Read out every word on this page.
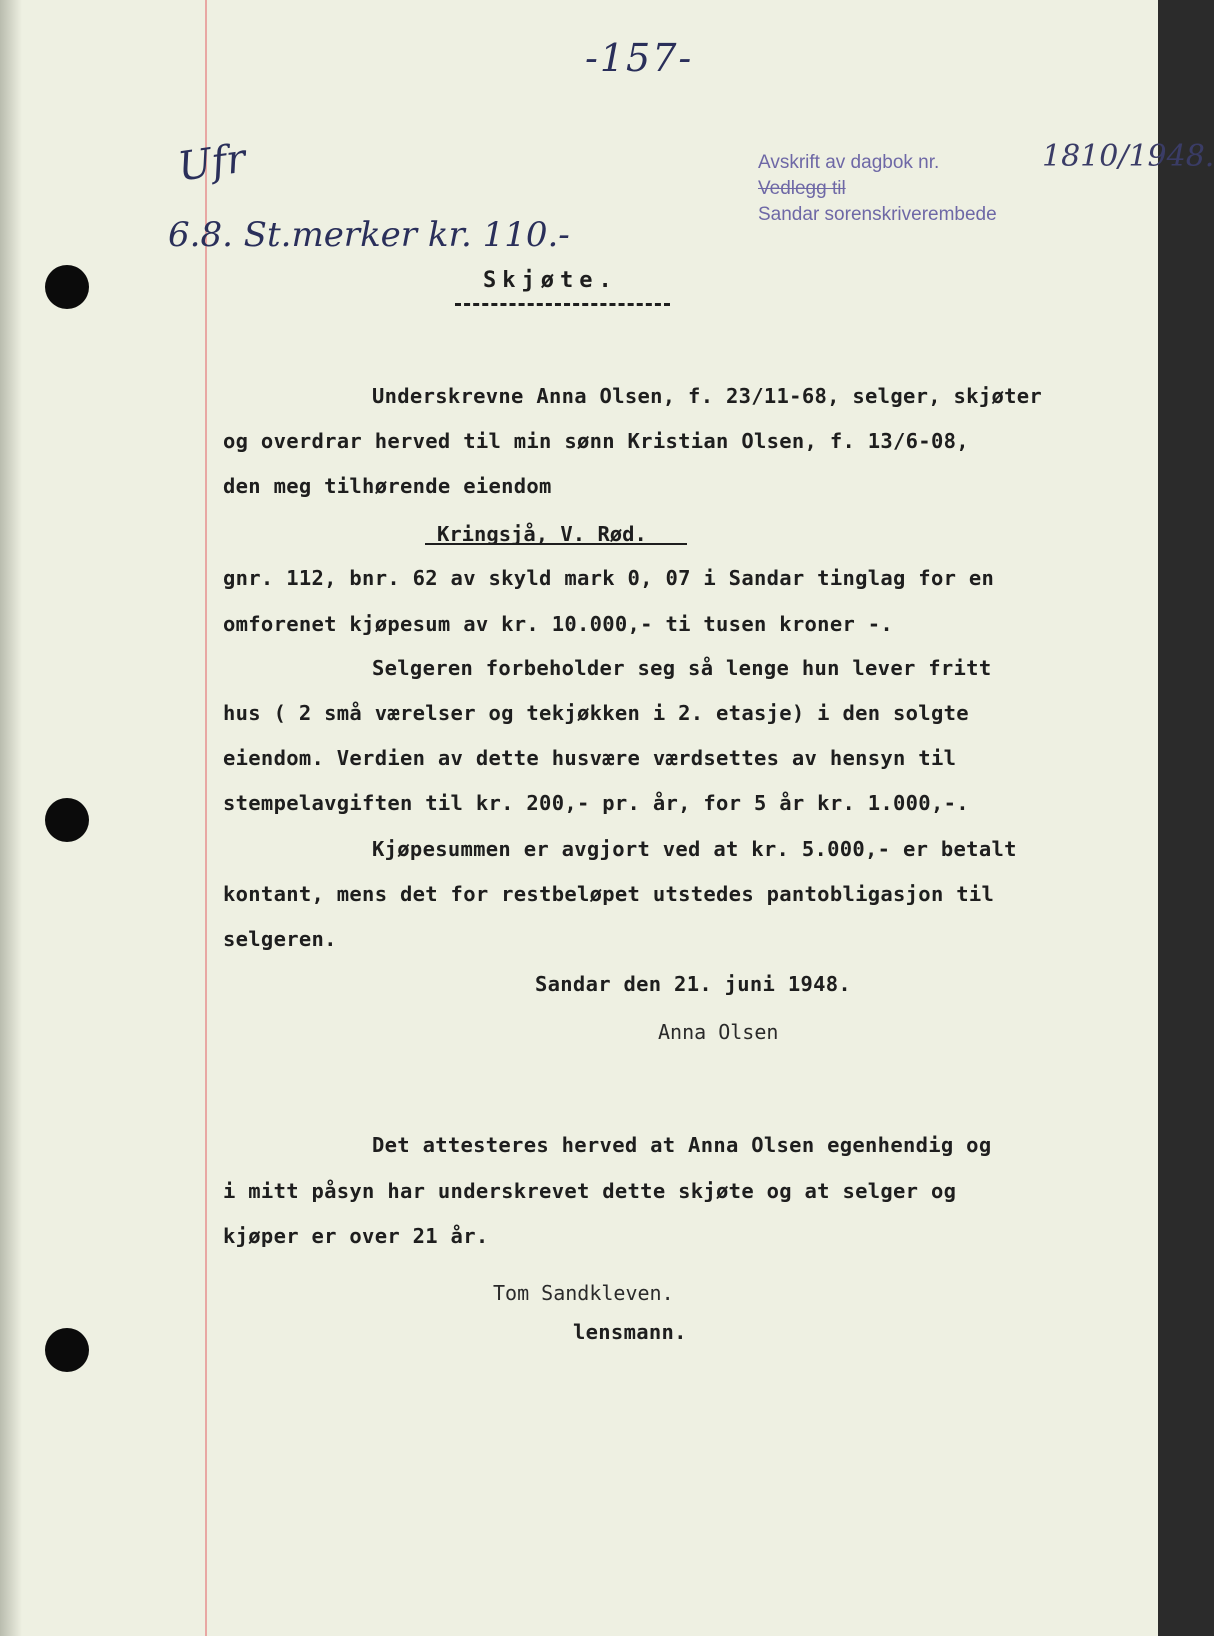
-157-
Ufr
6.8. St.merker kr. 110.-
Avskrift av dagbok nr.	1810/1948.
Vedlegg til
Sandar sorenskriverembede
Skjøte.
Underskrevne Anna Olsen, f. 23/11-68, selger, skjøter
og overdrar herved til min sønn Kristian Olsen, f. 13/6-08,
den meg tilhørende eiendom
Kringsjå, V. Rød.
gnr. 112, bnr. 62 av skyld mark 0, 07 i Sandar tinglag for en
omforenet kjøpesum av kr. 10.000,- ti tusen kroner -.
Selgeren forbeholder seg så lenge hun lever fritt
hus ( 2 små værelser og tekjøkken i 2. etasje) i den solgte
eiendom. Verdien av dette husvære værdsettes av hensyn til
stempelavgiften til kr. 200,- pr. år, for 5 år kr. 1.000,-.
Kjøpesummen er avgjort ved at kr. 5.000,- er betalt
kontant, mens det for restbeløpet utstedes pantobligasjon til
selgeren.
Sandar den 21. juni 1948.
Anna Olsen
Det attesteres herved at Anna Olsen egenhendig og
i mitt påsyn har underskrevet dette skjøte og at selger og
kjøper er over 21 år.
Tom Sandkleven.
lensmann.
